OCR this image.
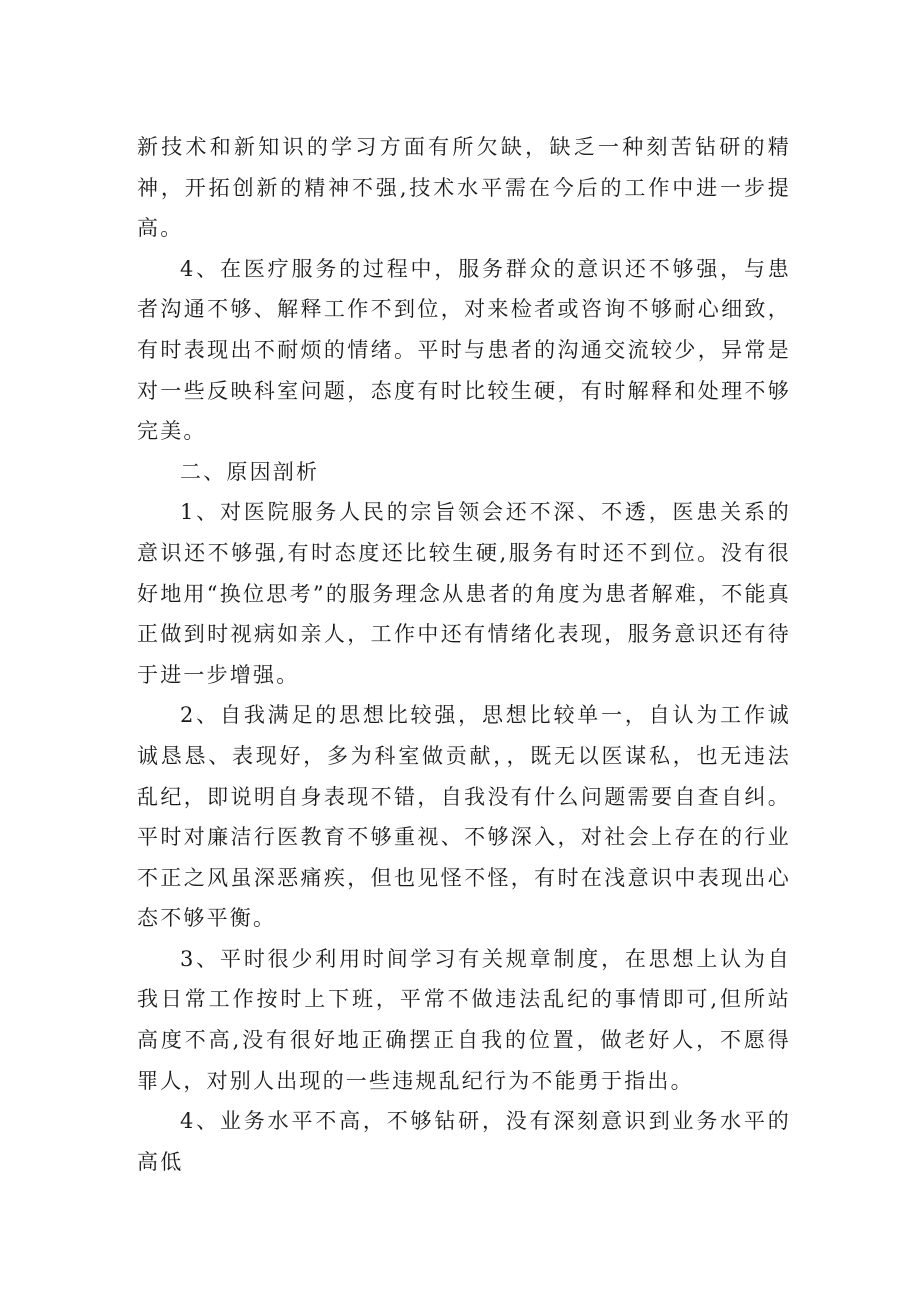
新技术和新知识的学习方面有所欠缺，缺乏一种刻苦钻研的精神，开拓创新的精神不强,技术水平需在今后的工作中进一步提高。

4、在医疗服务的过程中，服务群众的意识还不够强，与患者沟通不够、解释工作不到位，对来检者或咨询不够耐心细致，有时表现出不耐烦的情绪。平时与患者的沟通交流较少，异常是对一些反映科室问题，态度有时比较生硬，有时解释和处理不够完美。

二、原因剖析

1、对医院服务人民的宗旨领会还不深、不透，医患关系的意识还不够强,有时态度还比较生硬,服务有时还不到位。没有很好地用“换位思考”的服务理念从患者的角度为患者解难，不能真正做到时视病如亲人，工作中还有情绪化表现，服务意识还有待于进一步增强。

2、自我满足的思想比较强，思想比较单一，自认为工作诚诚恳恳、表现好，多为科室做贡献，，既无以医谋私，也无违法乱纪，即说明自身表现不错，自我没有什么问题需要自查自纠。平时对廉洁行医教育不够重视、不够深入，对社会上存在的行业不正之风虽深恶痛疾，但也见怪不怪，有时在浅意识中表现出心态不够平衡。

3、平时很少利用时间学习有关规章制度，在思想上认为自我日常工作按时上下班，平常不做违法乱纪的事情即可,但所站高度不高,没有很好地正确摆正自我的位置，做老好人，不愿得罪人，对别人出现的一些违规乱纪行为不能勇于指出。

4、业务水平不高，不够钻研，没有深刻意识到业务水平的高低
